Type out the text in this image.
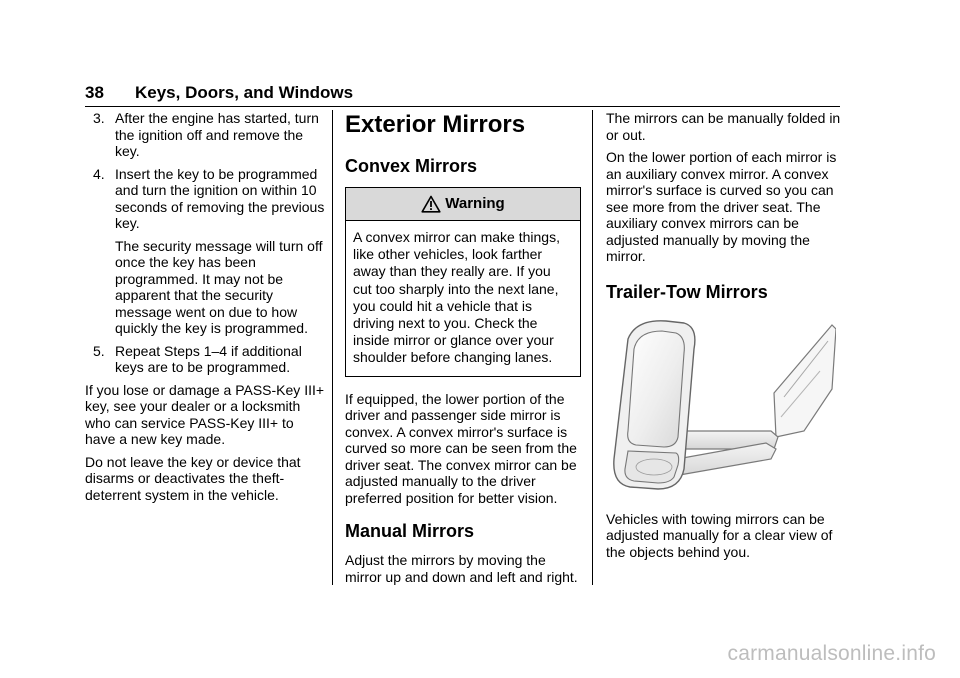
38 Keys, Doors, and Windows
3. After the engine has started, turn the ignition off and remove the key.

4. Insert the key to be programmed and turn the ignition on within 10 seconds of removing the previous key.

The security message will turn off once the key has been programmed. It may not be apparent that the security message went on due to how quickly the key is programmed.

5. Repeat Steps 1–4 if additional keys are to be programmed.

If you lose or damage a PASS-Key III+ key, see your dealer or a locksmith who can service PASS-Key III+ to have a new key made.

Do not leave the key or device that disarms or deactivates the theft-deterrent system in the vehicle.

Exterior Mirrors
Convex Mirrors
Warning
A convex mirror can make things, like other vehicles, look farther away than they really are. If you cut too sharply into the next lane, you could hit a vehicle that is driving next to you. Check the inside mirror or glance over your shoulder before changing lanes.

If equipped, the lower portion of the driver and passenger side mirror is convex. A convex mirror's surface is curved so more can be seen from the driver seat. The convex mirror can be adjusted manually to the driver preferred position for better vision.

Manual Mirrors

Adjust the mirrors by moving the mirror up and down and left and right.

The mirrors can be manually folded in or out.

On the lower portion of each mirror is an auxiliary convex mirror. A convex mirror's surface is curved so you can see more from the driver seat. The auxiliary convex mirrors can be adjusted manually by moving the mirror.

Trailer-Tow Mirrors

Vehicles with towing mirrors can be adjusted manually for a clear view of the objects behind you.

carmanualsonline.info
